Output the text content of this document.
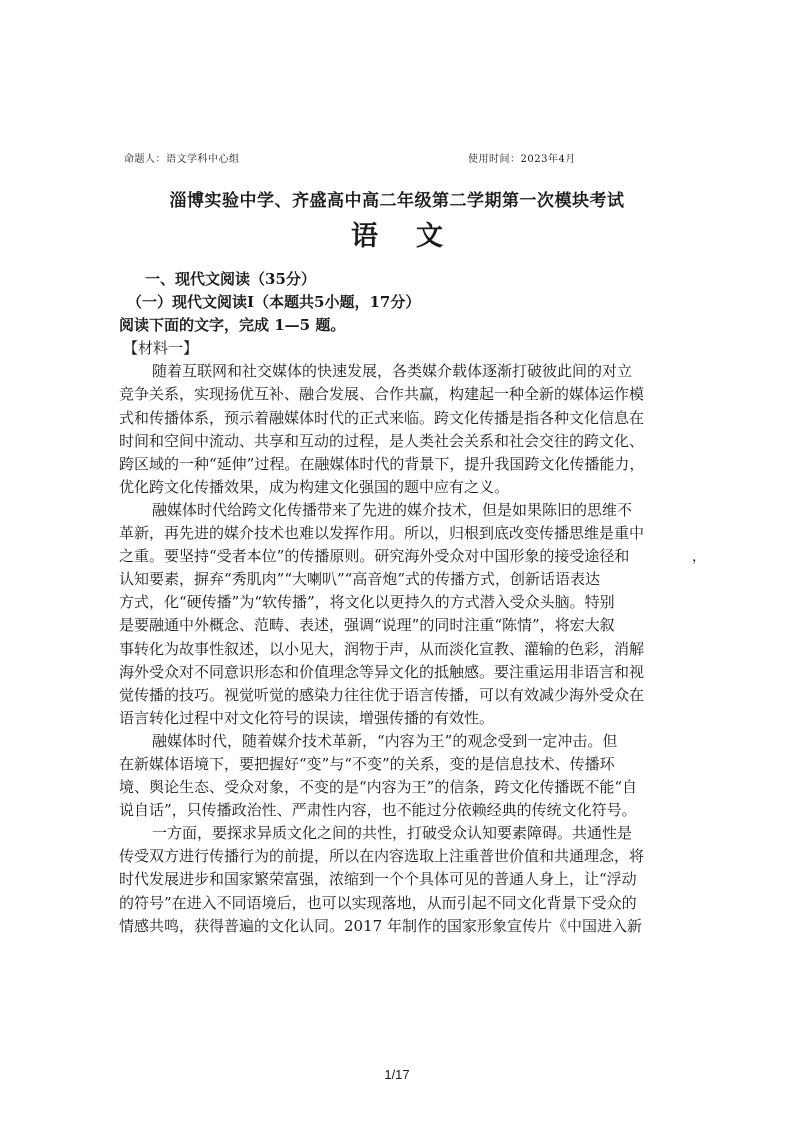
命题人：语文学科中心组	使用时间：2023年4月
淄博实验中学、齐盛高中高二年级第二学期第一次模块考试
语文
一、现代文阅读（35分）
（一）现代文阅读Ⅰ（本题共5小题，17分）
阅读下面的文字，完成 1—5 题。
【材料一】
随着互联网和社交媒体的快速发展，各类媒介载体逐渐打破彼此间的对立
竞争关系，实现扬优互补、融合发展、合作共赢，构建起一种全新的媒体运作模
式和传播体系，预示着融媒体时代的正式来临。跨文化传播是指各种文化信息在
时间和空间中流动、共享和互动的过程，是人类社会关系和社会交往的跨文化、
跨区域的一种“延伸”过程。在融媒体时代的背景下，提升我国跨文化传播能力，
优化跨文化传播效果，成为构建文化强国的题中应有之义。
融媒体时代给跨文化传播带来了先进的媒介技术，但是如果陈旧的思维不
革新，再先进的媒介技术也难以发挥作用。所以，归根到底改变传播思维是重中
之重。要坚持“受者本位”的传播原则。研究海外受众对中国形象的接受途径和
认知要素，摒弃“秀肌肉”“大喇叭”“高音炮”式的传播方式，创新话语表达
方式，化“硬传播”为“软传播”，将文化以更持久的方式潜入受众头脑。特别
是要融通中外概念、范畴、表述，强调“说理”的同时注重“陈情”，将宏大叙
事转化为故事性叙述，以小见大，润物于声，从而淡化宣教、灌输的色彩，消解
海外受众对不同意识形态和价值理念等异文化的抵触感。要注重运用非语言和视
觉传播的技巧。视觉听觉的感染力往往优于语言传播，可以有效减少海外受众在
语言转化过程中对文化符号的误读，增强传播的有效性。
融媒体时代，随着媒介技术革新，“内容为王”的观念受到一定冲击。但
在新媒体语境下，要把握好“变”与“不变”的关系，变的是信息技术、传播环
境、舆论生态、受众对象，不变的是“内容为王”的信条，跨文化传播既不能“自
说自话”，只传播政治性、严肃性内容，也不能过分依赖经典的传统文化符号。
一方面，要探求异质文化之间的共性，打破受众认知要素障碍。共通性是
传受双方进行传播行为的前提，所以在内容选取上注重普世价值和共通理念，将
时代发展进步和国家繁荣富强，浓缩到一个个具体可见的普通人身上，让“浮动
的符号”在进入不同语境后，也可以实现落地，从而引起不同文化背景下受众的
情感共鸣，获得普遍的文化认同。2017 年制作的国家形象宣传片《中国进入新
，
1/17
